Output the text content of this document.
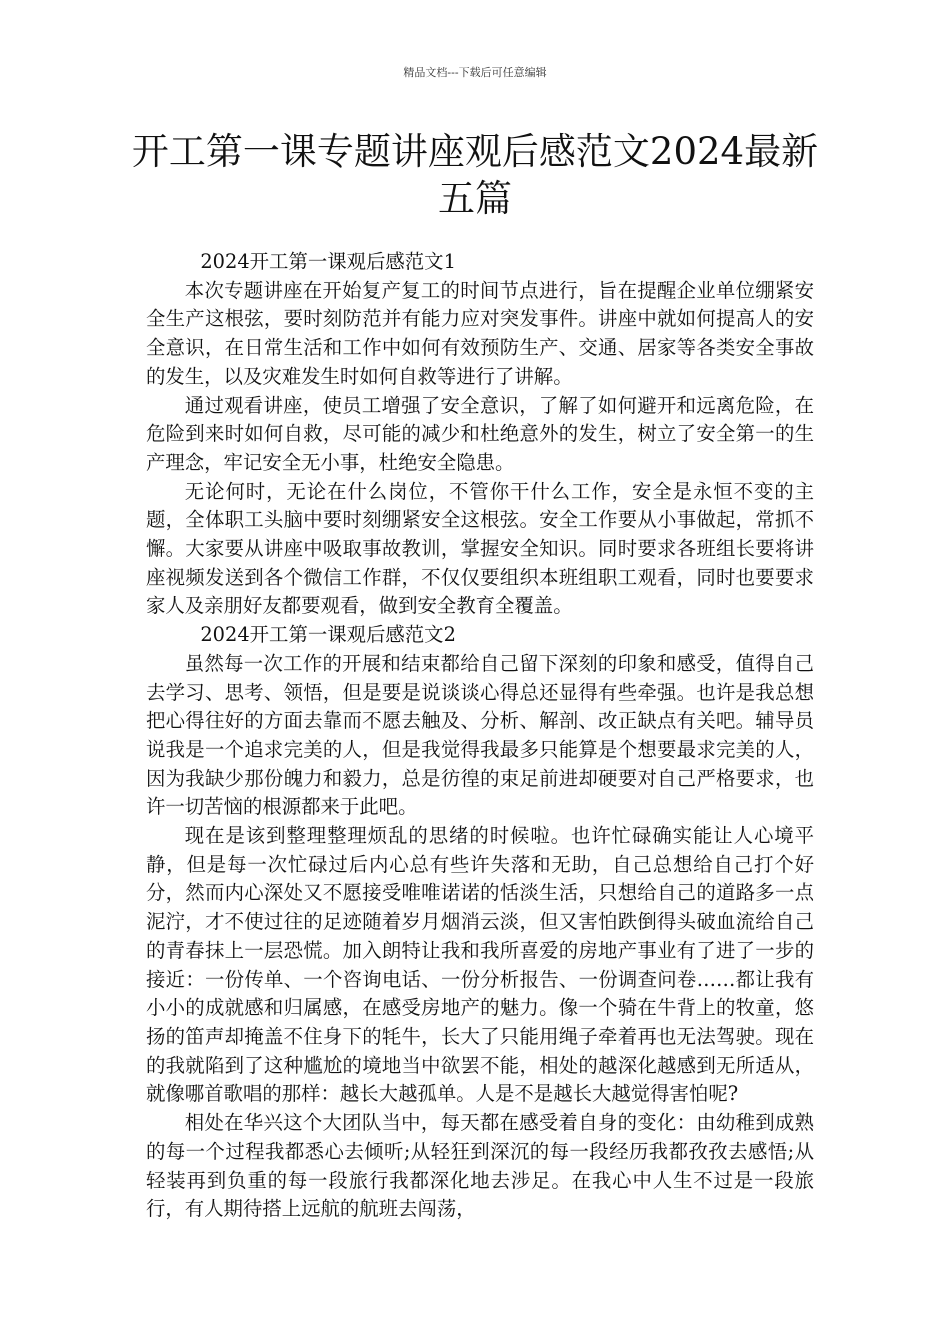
精品文档---下载后可任意编辑
开工第一课专题讲座观后感范文2024最新五篇

2024开工第一课观后感范文1

本次专题讲座在开始复产复工的时间节点进行，旨在提醒企业单位绷紧安全生产这根弦，要时刻防范并有能力应对突发事件。讲座中就如何提高人的安全意识，在日常生活和工作中如何有效预防生产、交通、居家等各类安全事故的发生，以及灾难发生时如何自救等进行了讲解。

通过观看讲座，使员工增强了安全意识，了解了如何避开和远离危险，在危险到来时如何自救，尽可能的减少和杜绝意外的发生，树立了安全第一的生产理念，牢记安全无小事，杜绝安全隐患。

无论何时，无论在什么岗位，不管你干什么工作，安全是永恒不变的主题，全体职工头脑中要时刻绷紧安全这根弦。安全工作要从小事做起，常抓不懈。大家要从讲座中吸取事故教训，掌握安全知识。同时要求各班组长要将讲座视频发送到各个微信工作群，不仅仅要组织本班组职工观看，同时也要要求家人及亲朋好友都要观看，做到安全教育全覆盖。

2024开工第一课观后感范文2

虽然每一次工作的开展和结束都给自己留下深刻的印象和感受，值得自己去学习、思考、领悟，但是要是说谈谈心得总还显得有些牵强。也许是我总想把心得往好的方面去靠而不愿去触及、分析、解剖、改正缺点有关吧。辅导员说我是一个追求完美的人，但是我觉得我最多只能算是个想要最求完美的人，因为我缺少那份魄力和毅力，总是彷徨的束足前进却硬要对自己严格要求，也许一切苦恼的根源都来于此吧。

现在是该到整理整理烦乱的思绪的时候啦。也许忙碌确实能让人心境平静，但是每一次忙碌过后内心总有些许失落和无助，自己总想给自己打个好分，然而内心深处又不愿接受唯唯诺诺的恬淡生活，只想给自己的道路多一点泥泞，才不使过往的足迹随着岁月烟消云淡，但又害怕跌倒得头破血流给自己的青春抹上一层恐慌。加入朗特让我和我所喜爱的房地产事业有了进了一步的接近：一份传单、一个咨询电话、一份分析报告、一份调查问卷……都让我有小小的成就感和归属感，在感受房地产的魅力。像一个骑在牛背上的牧童，悠扬的笛声却掩盖不住身下的牦牛，长大了只能用绳子牵着再也无法驾驶。现在的我就陷到了这种尴尬的境地当中欲罢不能，相处的越深化越感到无所适从，就像哪首歌唱的那样：越长大越孤单。人是不是越长大越觉得害怕呢?

相处在华兴这个大团队当中，每天都在感受着自身的变化：由幼稚到成熟的每一个过程我都悉心去倾听;从轻狂到深沉的每一段经历我都孜孜去感悟;从轻装再到负重的每一段旅行我都深化地去涉足。在我心中人生不过是一段旅行，有人期待搭上远航的航班去闯荡，
